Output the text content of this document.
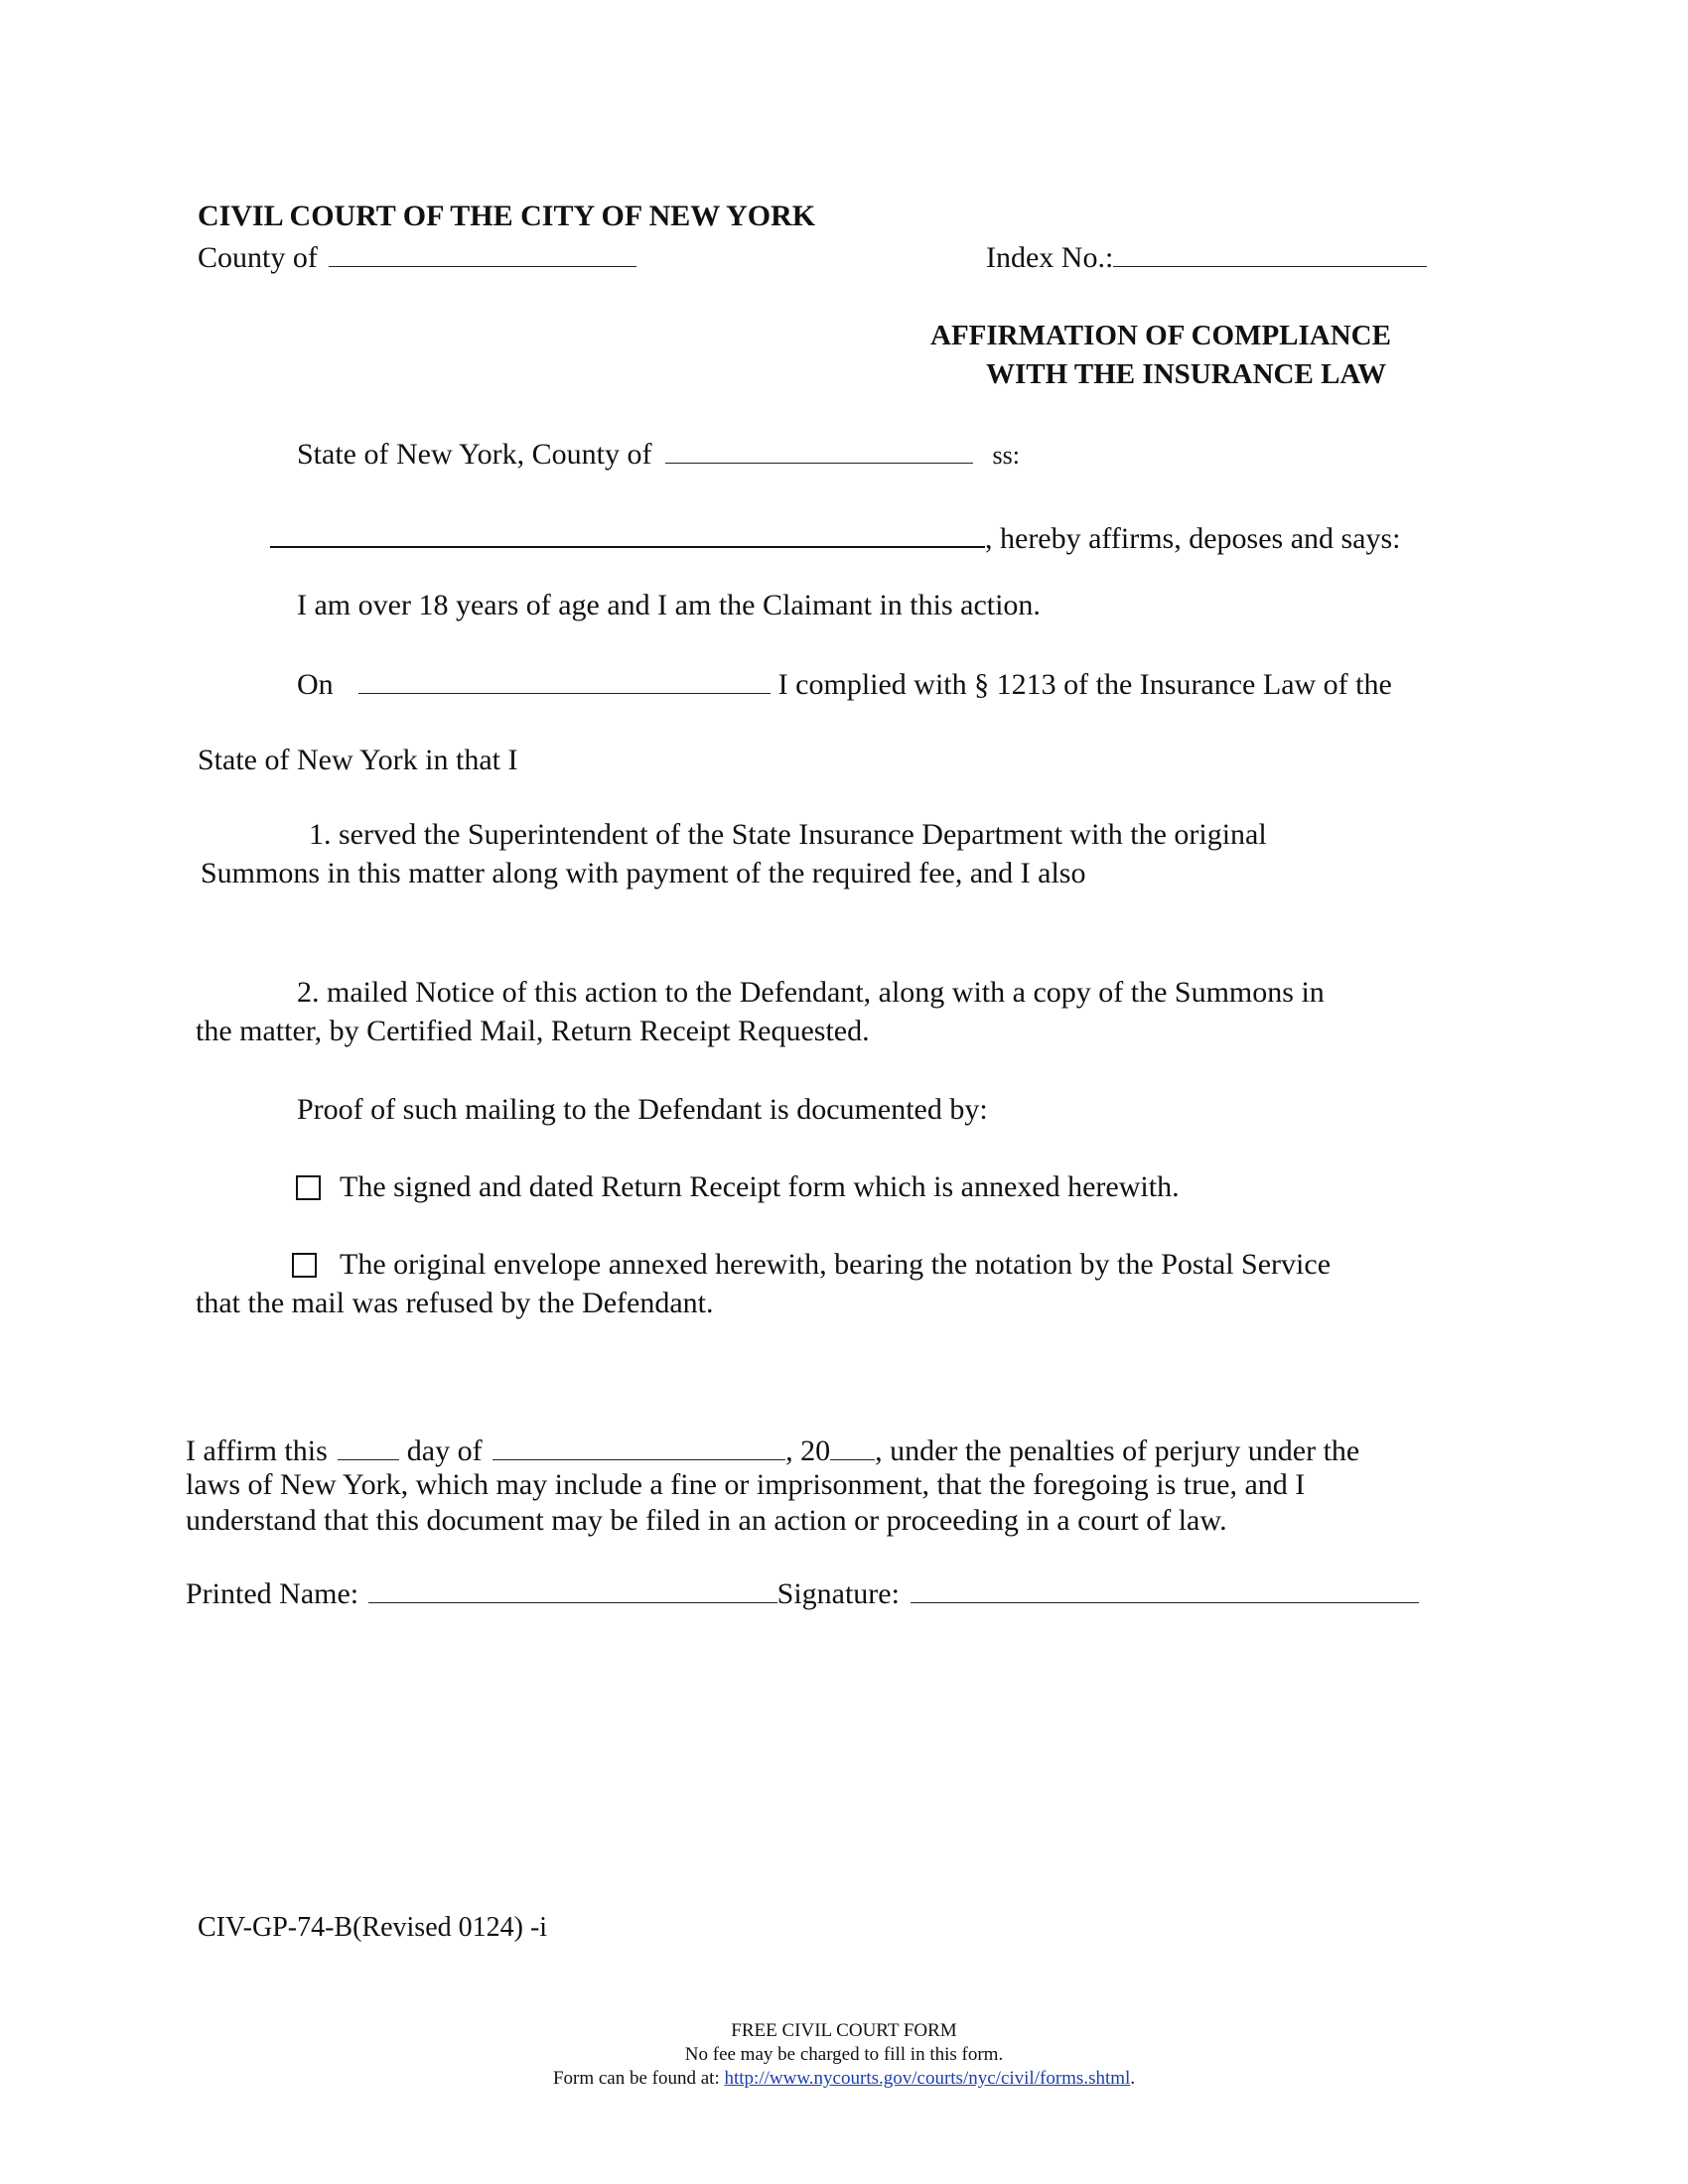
CIVIL COURT OF THE CITY OF NEW YORK
County of	Index No.:
AFFIRMATION OF COMPLIANCE
WITH THE INSURANCE LAW
State of New York, County of	ss:
, hereby affirms, deposes and says:
I am over 18 years of age and I am the Claimant in this action.
On	I complied with § 1213 of the Insurance Law of the
State of New York in that I
1. served the Superintendent of the State Insurance Department with the original
Summons in this matter along with payment of the required fee, and I also
2. mailed Notice of this action to the Defendant, along with a copy of the Summons in
the matter, by Certified Mail, Return Receipt Requested.
Proof of such mailing to the Defendant is documented by:
The signed and dated Return Receipt form which is annexed herewith.
The original envelope annexed herewith, bearing the notation by the Postal Service
that the mail was refused by the Defendant.
I affirm this	day of	, 20 , under the penalties of perjury under the
laws of New York, which may include a fine or imprisonment, that the foregoing is true, and I
understand that this document may be filed in an action or proceeding in a court of law.
Printed Name:	Signature:
CIV-GP-74-B(Revised 0124) -i
FREE CIVIL COURT FORM
No fee may be charged to fill in this form.
Form can be found at: http://www.nycourts.gov/courts/nyc/civil/forms.shtml.
